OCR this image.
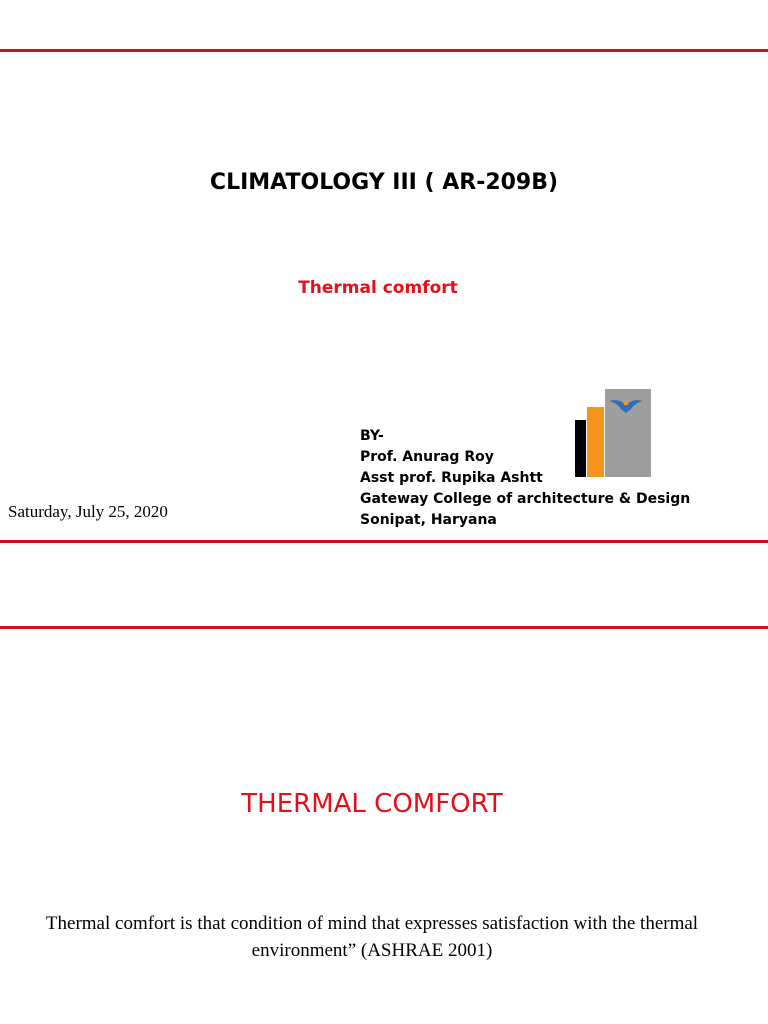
CLIMATOLOGY III ( AR-209B)
Thermal comfort
BY-
Prof. Anurag Roy
Asst prof. Rupika Ashtt
Gateway College of architecture & Design
Sonipat, Haryana
Saturday, July 25, 2020
THERMAL COMFORT
Thermal comfort is that condition of mind that expresses satisfaction with the thermal environment” (ASHRAE 2001)
